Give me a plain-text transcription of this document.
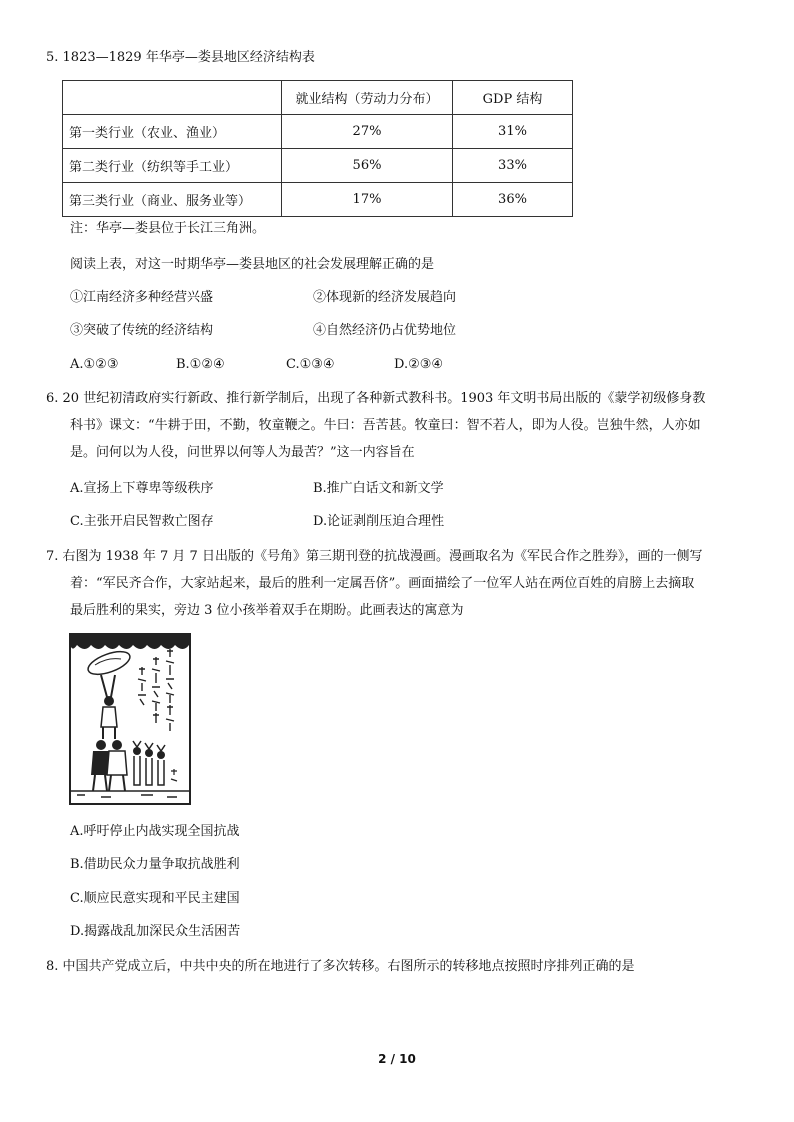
5. 1823—1829 年华亭—娄县地区经济结构表
	就业结构（劳动力分布）	GDP 结构
第一类行业（农业、渔业）	27%	31%
第二类行业（纺织等手工业）	56%	33%
第三类行业（商业、服务业等）	17%	36%
注：华亭—娄县位于长江三角洲。
阅读上表，对这一时期华亭—娄县地区的社会发展理解正确的是
①江南经济多种经营兴盛	②体现新的经济发展趋向
③突破了传统的经济结构	④自然经济仍占优势地位
A.①②③	B.①②④	C.①③④	D.②③④
6. 20 世纪初清政府实行新政、推行新学制后，出现了各种新式教科书。1903 年文明书局出版的《蒙学初级修身教
科书》课文：“牛耕于田，不勤，牧童鞭之。牛曰：吾苦甚。牧童曰：智不若人，即为人役。岂独牛然，人亦如
是。问何以为人役，问世界以何等人为最苦？”这一内容旨在
A.宣扬上下尊卑等级秩序	B.推广白话文和新文学
C.主张开启民智救亡图存	D.论证剥削压迫合理性
7. 右图为 1938 年 7 月 7 日出版的《号角》第三期刊登的抗战漫画。漫画取名为《军民合作之胜券》，画的一侧写
着：“军民齐合作，大家站起来，最后的胜利一定属吾侪”。画面描绘了一位军人站在两位百姓的肩膀上去摘取
最后胜利的果实，旁边 3 位小孩举着双手在期盼。此画表达的寓意为
A.呼吁停止内战实现全国抗战
B.借助民众力量争取抗战胜利
C.顺应民意实现和平民主建国
D.揭露战乱加深民众生活困苦
8. 中国共产党成立后，中共中央的所在地进行了多次转移。右图所示的转移地点按照时序排列正确的是
2 / 10
